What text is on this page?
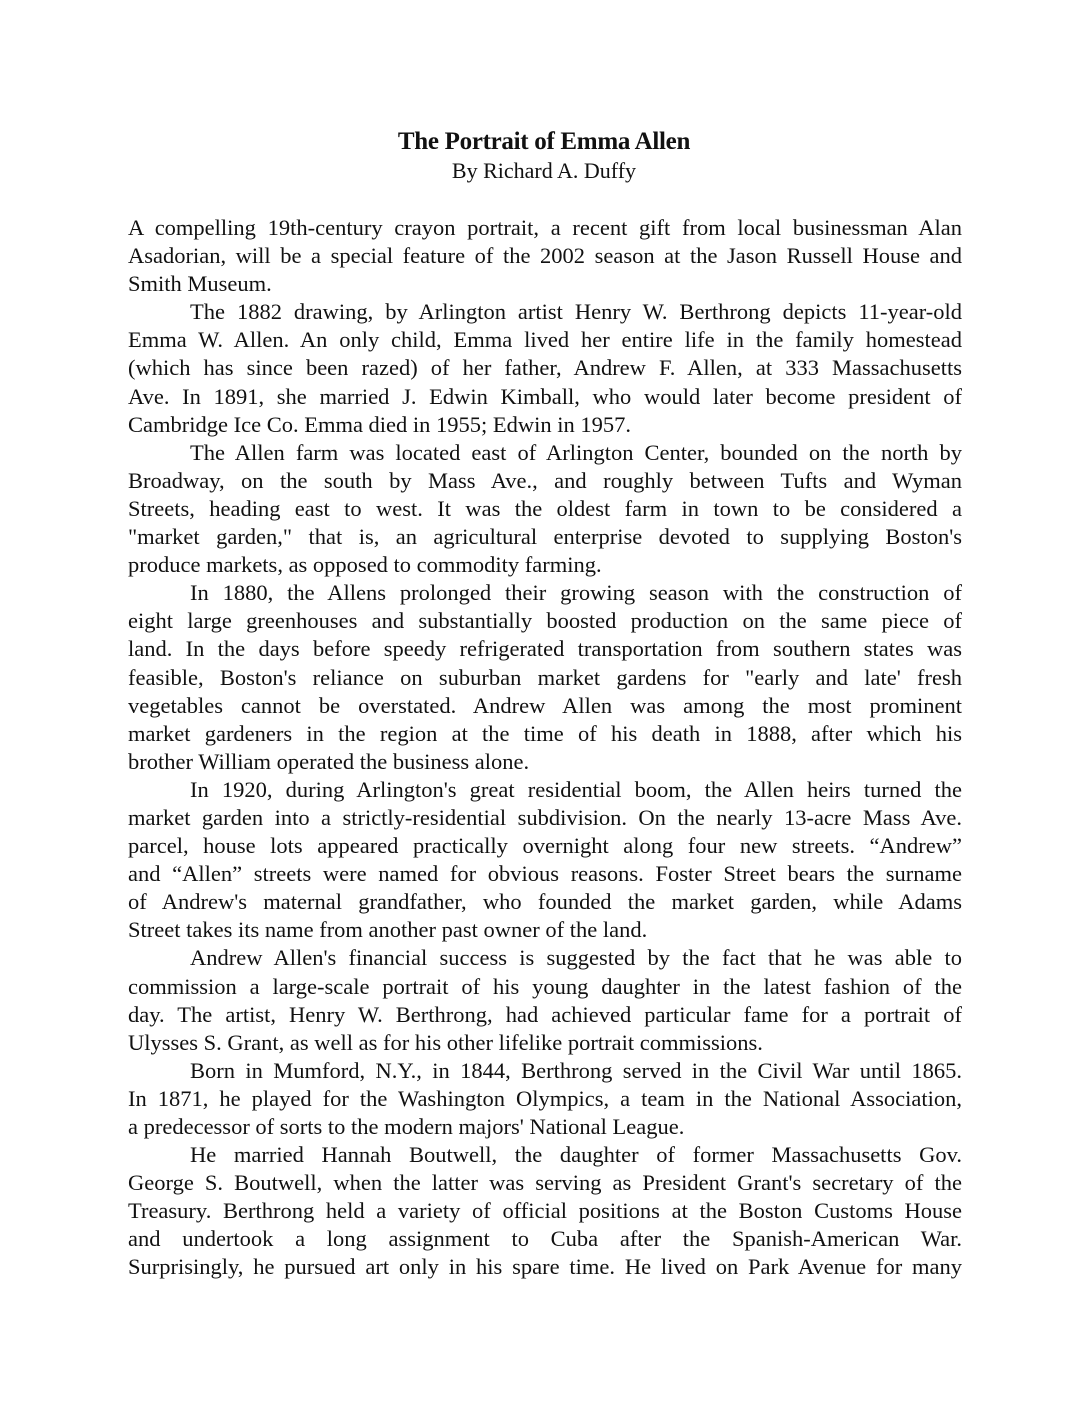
The Portrait of Emma Allen
By Richard A. Duffy
A compelling 19th-century crayon portrait, a recent gift from local businessman Alan
Asadorian, will be a special feature of the 2002 season at the Jason Russell House and
Smith Museum.
The 1882 drawing, by Arlington artist Henry W. Berthrong depicts 11-year-old
Emma W. Allen. An only child, Emma lived her entire life in the family homestead
(which has since been razed) of her father, Andrew F. Allen, at 333 Massachusetts
Ave. In 1891, she married J. Edwin Kimball, who would later become president of
Cambridge Ice Co. Emma died in 1955; Edwin in 1957.
The Allen farm was located east of Arlington Center, bounded on the north by
Broadway, on the south by Mass Ave., and roughly between Tufts and Wyman
Streets, heading east to west. It was the oldest farm in town to be considered a
"market garden," that is, an agricultural enterprise devoted to supplying Boston's
produce markets, as opposed to commodity farming.
In 1880, the Allens prolonged their growing season with the construction of
eight large greenhouses and substantially boosted production on the same piece of
land. In the days before speedy refrigerated transportation from southern states was
feasible, Boston's reliance on suburban market gardens for "early and late' fresh
vegetables cannot be overstated. Andrew Allen was among the most prominent
market gardeners in the region at the time of his death in 1888, after which his
brother William operated the business alone.
In 1920, during Arlington's great residential boom, the Allen heirs turned the
market garden into a strictly-residential subdivision. On the nearly 13-acre Mass Ave.
parcel, house lots appeared practically overnight along four new streets. “Andrew”
and “Allen” streets were named for obvious reasons. Foster Street bears the surname
of Andrew's maternal grandfather, who founded the market garden, while Adams
Street takes its name from another past owner of the land.
Andrew Allen's financial success is suggested by the fact that he was able to
commission a large-scale portrait of his young daughter in the latest fashion of the
day. The artist, Henry W. Berthrong, had achieved particular fame for a portrait of
Ulysses S. Grant, as well as for his other lifelike portrait commissions.
Born in Mumford, N.Y., in 1844, Berthrong served in the Civil War until 1865.
In 1871, he played for the Washington Olympics, a team in the National Association,
a predecessor of sorts to the modern majors' National League.
He married Hannah Boutwell, the daughter of former Massachusetts Gov.
George S. Boutwell, when the latter was serving as President Grant's secretary of the
Treasury. Berthrong held a variety of official positions at the Boston Customs House
and undertook a long assignment to Cuba after the Spanish-American War.
Surprisingly, he pursued art only in his spare time. He lived on Park Avenue for many
